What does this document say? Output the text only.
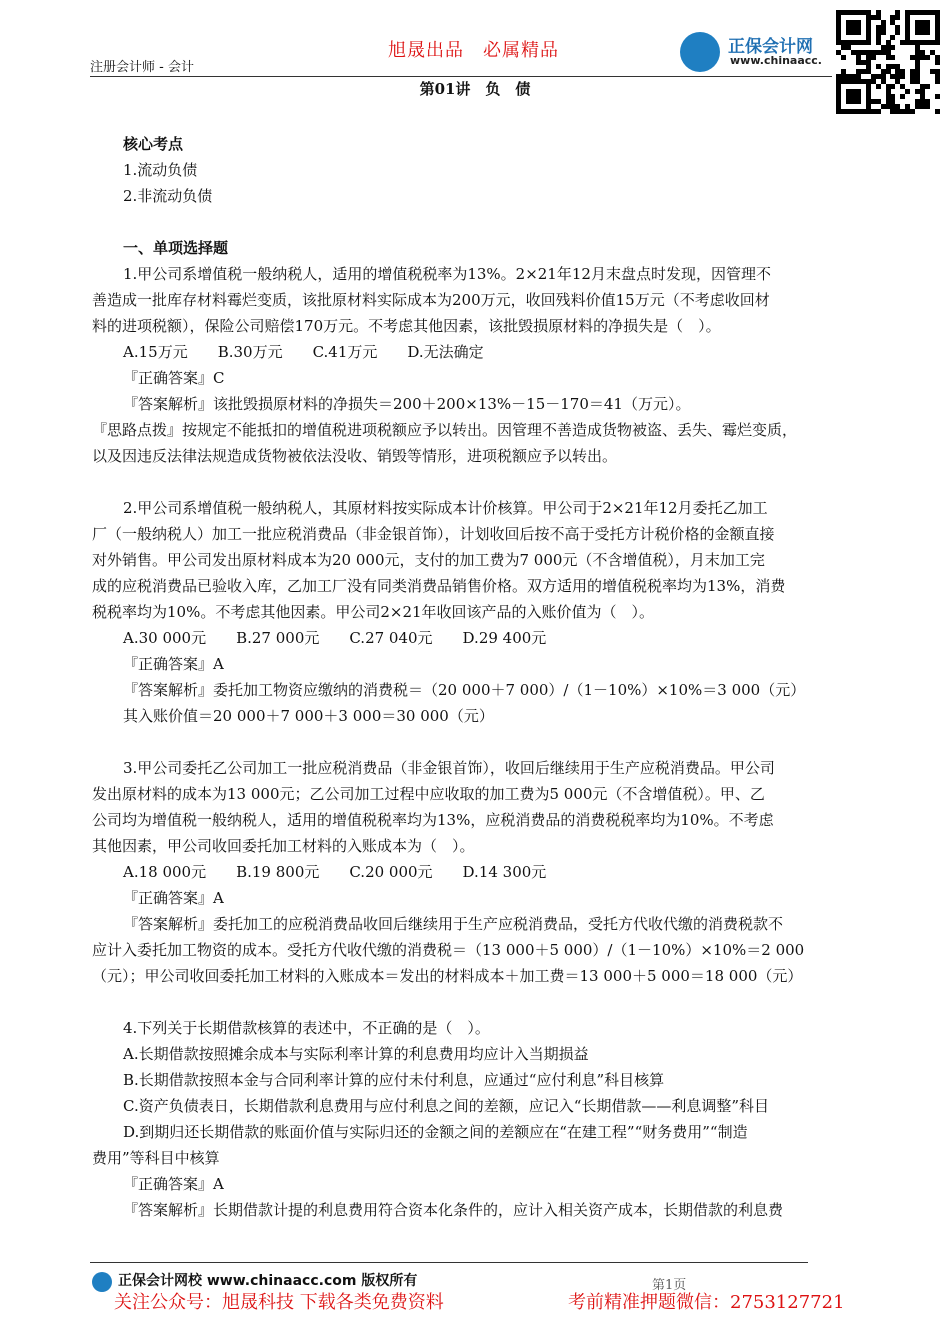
注册会计师 - 会计
旭晟出品　必属精品	正保会计网
www.chinaacc.
第01讲　负　债
核心考点
1.流动负债
2.非流动负债
一、单项选择题
1.甲公司系增值税一般纳税人，适用的增值税税率为13%。2×21年12月末盘点时发现，因管理不
善造成一批库存材料霉烂变质，该批原材料实际成本为200万元，收回残料价值15万元（不考虑收回材
料的进项税额），保险公司赔偿170万元。不考虑其他因素，该批毁损原材料的净损失是（　）。
A.15万元　　B.30万元　　C.41万元　　D.无法确定
『正确答案』C
『答案解析』该批毁损原材料的净损失＝200＋200×13%－15－170＝41（万元）。
『思路点拨』按规定不能抵扣的增值税进项税额应予以转出。因管理不善造成货物被盗、丢失、霉烂变质，
以及因违反法律法规造成货物被依法没收、销毁等情形，进项税额应予以转出。
2.甲公司系增值税一般纳税人，其原材料按实际成本计价核算。甲公司于2×21年12月委托乙加工
厂（一般纳税人）加工一批应税消费品（非金银首饰），计划收回后按不高于受托方计税价格的金额直接
对外销售。甲公司发出原材料成本为20 000元，支付的加工费为7 000元（不含增值税），月末加工完
成的应税消费品已验收入库，乙加工厂没有同类消费品销售价格。双方适用的增值税税率均为13%，消费
税税率均为10%。不考虑其他因素。甲公司2×21年收回该产品的入账价值为（　）。
A.30 000元　　B.27 000元　　C.27 040元　　D.29 400元
『正确答案』A
『答案解析』委托加工物资应缴纳的消费税＝（20 000＋7 000）/（1－10%）×10%＝3 000（元）
其入账价值＝20 000＋7 000＋3 000＝30 000（元）
3.甲公司委托乙公司加工一批应税消费品（非金银首饰），收回后继续用于生产应税消费品。甲公司
发出原材料的成本为13 000元；乙公司加工过程中应收取的加工费为5 000元（不含增值税）。甲、乙
公司均为增值税一般纳税人，适用的增值税税率均为13%，应税消费品的消费税税率均为10%。不考虑
其他因素，甲公司收回委托加工材料的入账成本为（　）。
A.18 000元　　B.19 800元　　C.20 000元　　D.14 300元
『正确答案』A
『答案解析』委托加工的应税消费品收回后继续用于生产应税消费品，受托方代收代缴的消费税款不
应计入委托加工物资的成本。受托方代收代缴的消费税＝（13 000＋5 000）/（1－10%）×10%＝2 000
（元）；甲公司收回委托加工材料的入账成本＝发出的材料成本＋加工费＝13 000＋5 000＝18 000（元）
4.下列关于长期借款核算的表述中，不正确的是（　）。
A.长期借款按照摊余成本与实际利率计算的利息费用均应计入当期损益
B.长期借款按照本金与合同利率计算的应付未付利息，应通过“应付利息”科目核算
C.资产负债表日，长期借款利息费用与应付利息之间的差额，应记入“长期借款——利息调整”科目
D.到期归还长期借款的账面价值与实际归还的金额之间的差额应在“在建工程”“财务费用”“制造
费用”等科目中核算
『正确答案』A
『答案解析』长期借款计提的利息费用符合资本化条件的，应计入相关资产成本，长期借款的利息费
正保会计网校 www.chinaacc.com 版权所有	第1页
关注公众号：旭晟科技 下载各类免费资料	考前精准押题微信：2753127721
